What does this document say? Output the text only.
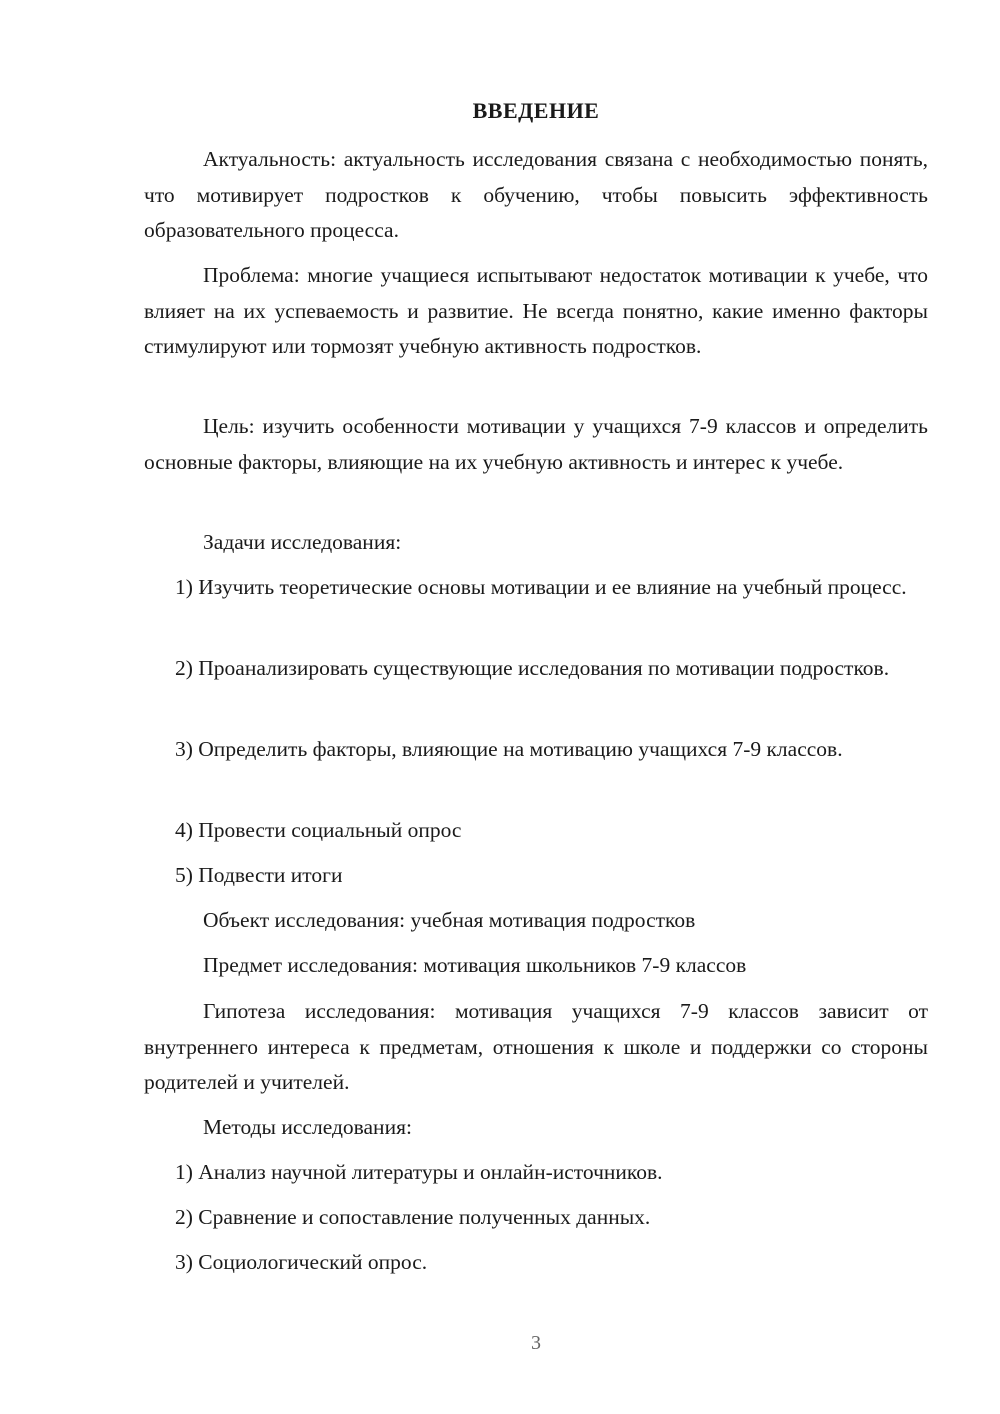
ВВЕДЕНИЕ

Актуальность: актуальность исследования связана с необходимостью понять, что мотивирует подростков к обучению, чтобы повысить эффективность образовательного процесса.

Проблема: многие учащиеся испытывают недостаток мотивации к учебе, что влияет на их успеваемость и развитие. Не всегда понятно, какие именно факторы стимулируют или тормозят учебную активность подростков.

Цель: изучить особенности мотивации у учащихся 7-9 классов и определить основные факторы, влияющие на их учебную активность и интерес к учебе.

Задачи исследования:

1) Изучить теоретические основы мотивации и ее влияние на учебный процесс.

2) Проанализировать существующие исследования по мотивации подростков.

3) Определить факторы, влияющие на мотивацию учащихся 7-9 классов.

4) Провести социальный опрос

5) Подвести итоги

Объект исследования: учебная мотивация подростков

Предмет исследования: мотивация школьников 7-9 классов

Гипотеза исследования: мотивация учащихся 7-9 классов зависит от внутреннего интереса к предметам, отношения к школе и поддержки со стороны родителей и учителей.

Методы исследования:

1) Анализ научной литературы и онлайн-источников.

2) Сравнение и сопоставление полученных данных.

3) Социологический опрос.

3
